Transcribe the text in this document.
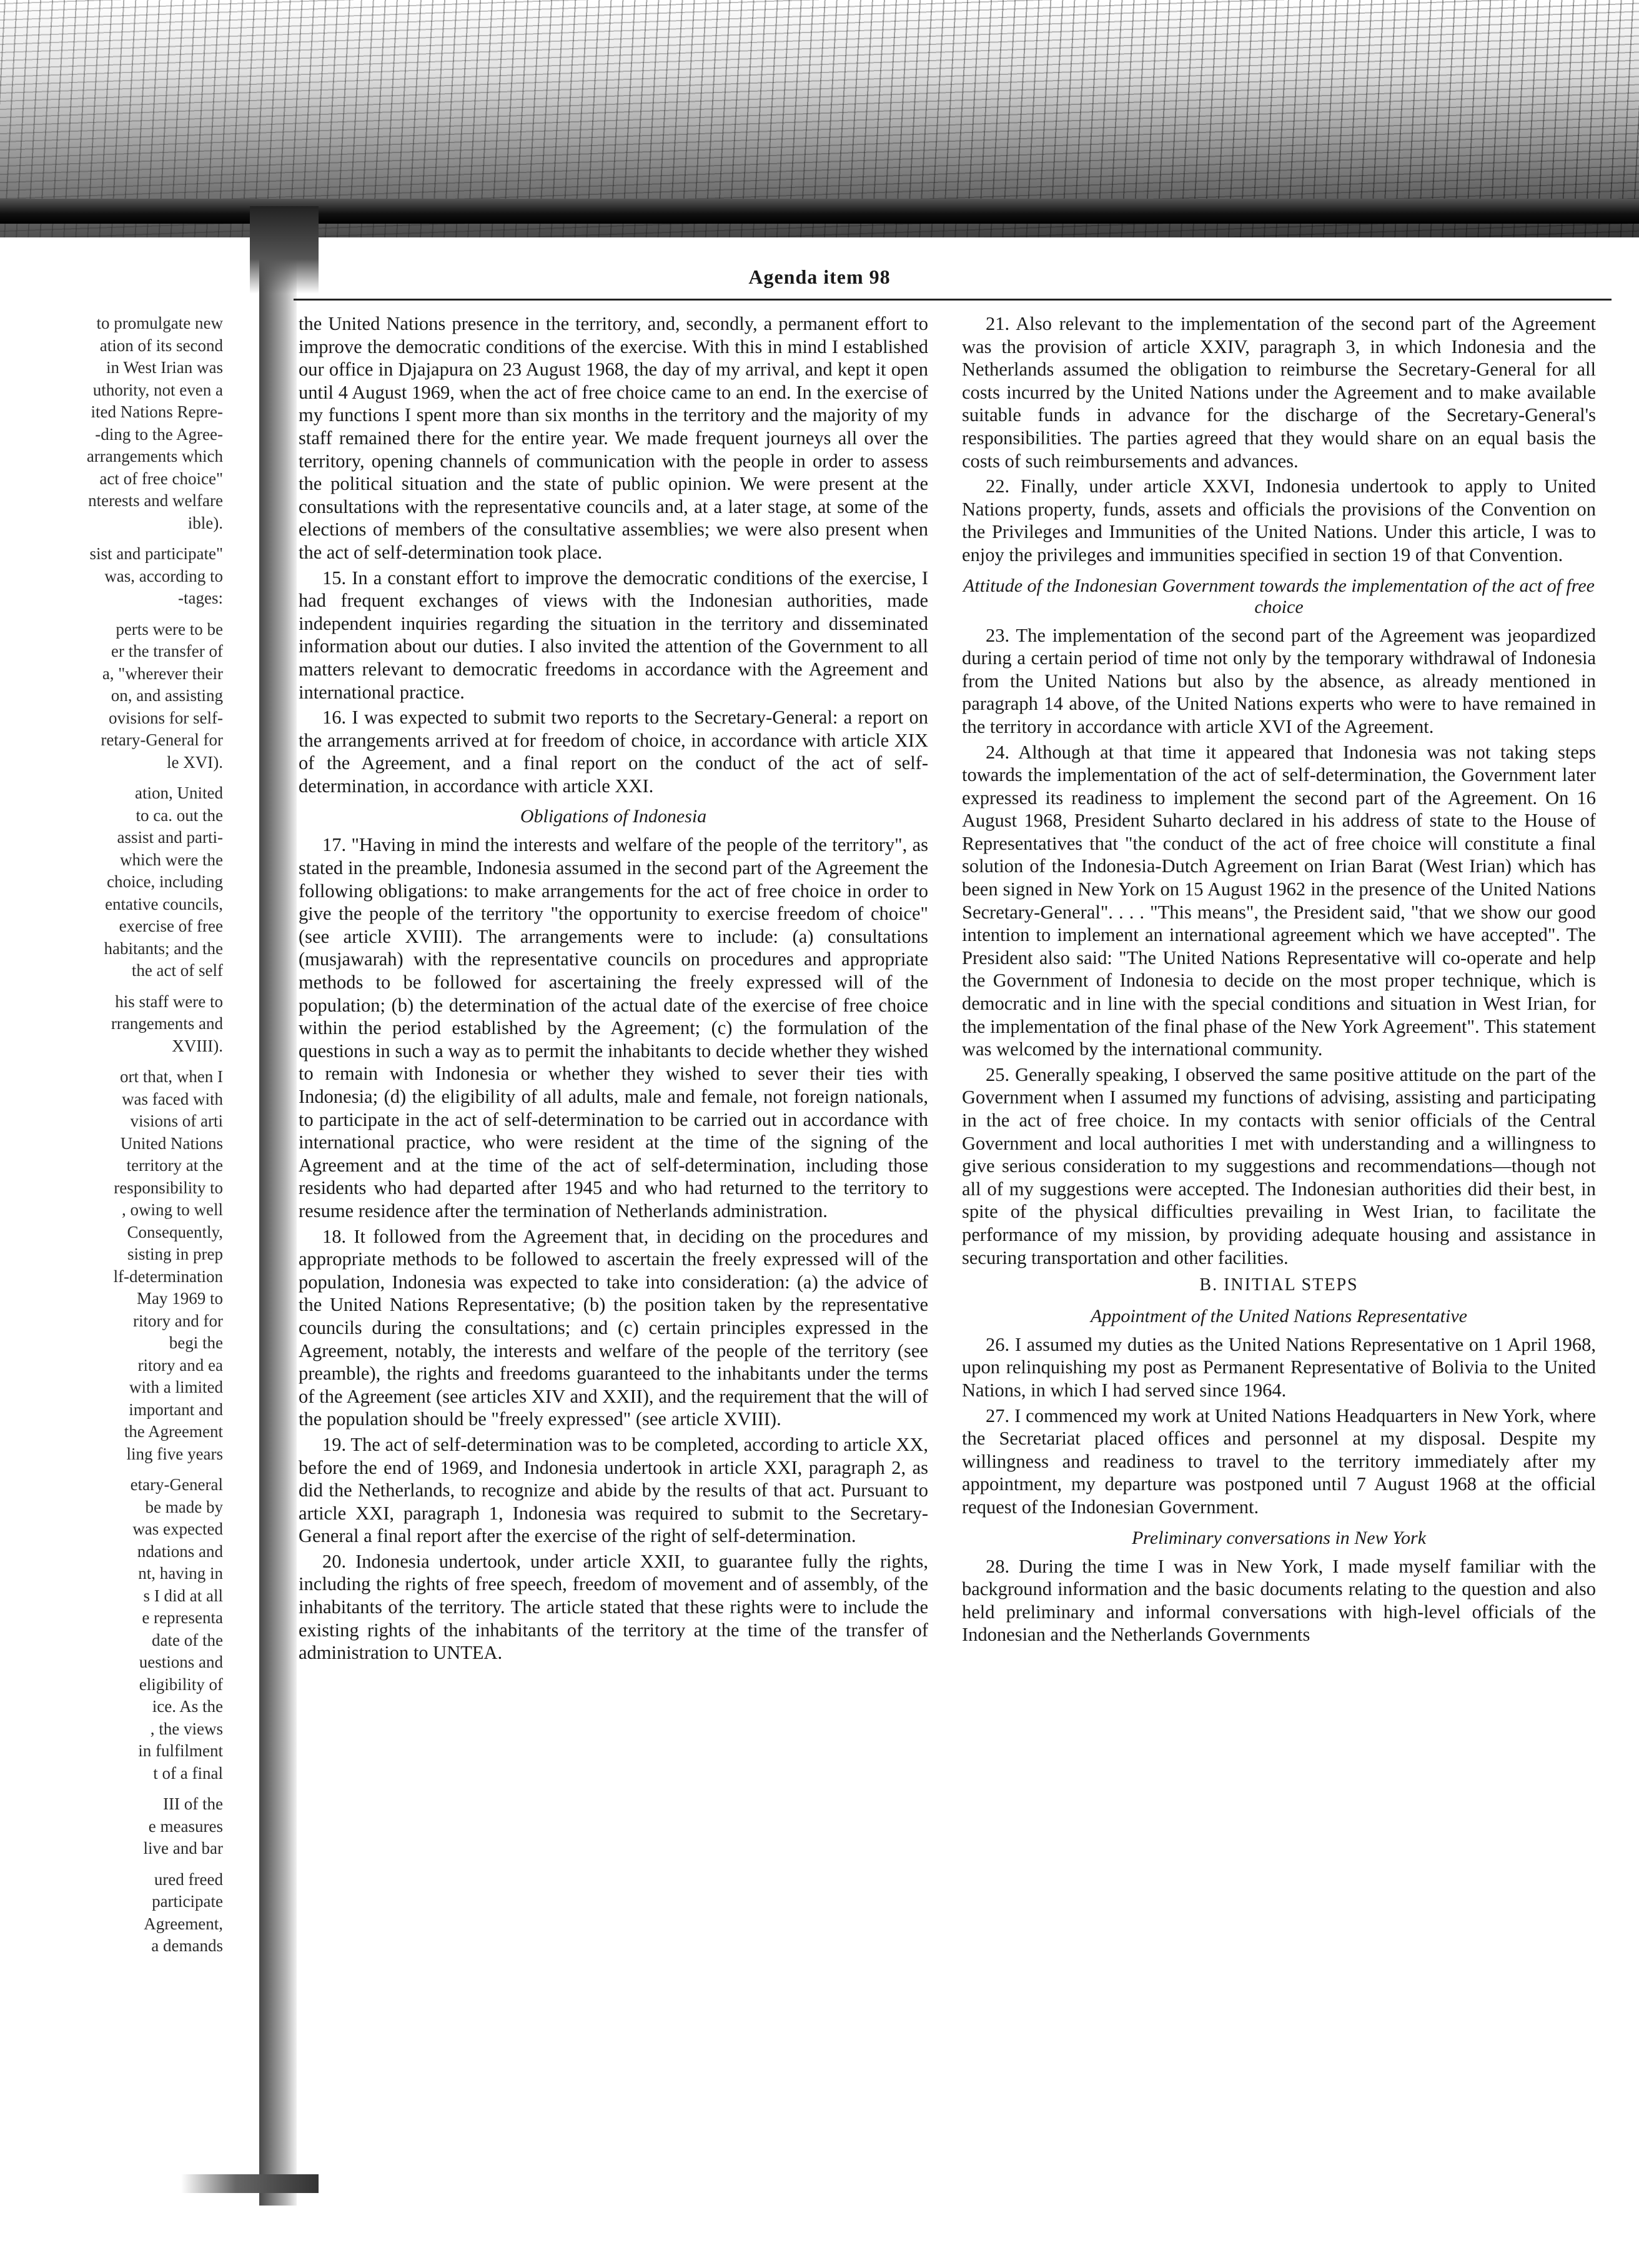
Agenda item 98
to promulgate new
ation of its second
in West Irian was
uthority, not even a
ited Nations Repre-
-ding to the Agree-
arrangements which
act of free choice"
nterests and welfare
ible).
sist and participate"
was, according to
-tages:
perts were to be
er the transfer of
a, "wherever their
on, and assisting
ovisions for self-
retary-General for
le XVI).
ation, United
to ca. out the
assist and parti-
which were the
choice, including
entative councils,
exercise of free
habitants; and the
the act of self
his staff were to
rrangements and
XVIII).
ort that, when I
was faced with
visions of arti
United Nations
territory at the
responsibility to
, owing to well
Consequently,
sisting in prep
lf-determination
May 1969 to
ritory and for
begi the
ritory and ea
with a limited
important and
the Agreement
ling five years
etary-General
be made by
was expected
ndations and
nt, having in
s I did at all
e representa
date of the
uestions and
eligibility of
ice. As the
, the views
in fulfilment
t of a final
III of the
e measures
live and bar
ured freed
participate
Agreement,
a demands

the United Nations presence in the territory, and, secondly, a permanent effort to improve the democratic conditions of the exercise. With this in mind I established our office in Djajapura on 23 August 1968, the day of my arrival, and kept it open until 4 August 1969, when the act of free choice came to an end. In the exercise of my functions I spent more than six months in the territory and the majority of my staff remained there for the entire year. We made frequent journeys all over the territory, opening channels of communication with the people in order to assess the political situation and the state of public opinion. We were present at the consultations with the representative councils and, at a later stage, at some of the elections of members of the consultative assemblies; we were also present when the act of self-determination took place.

15. In a constant effort to improve the democratic conditions of the exercise, I had frequent exchanges of views with the Indonesian authorities, made independent inquiries regarding the situation in the territory and disseminated information about our duties. I also invited the attention of the Government to all matters relevant to democratic freedoms in accordance with the Agreement and international practice.

16. I was expected to submit two reports to the Secretary-General: a report on the arrangements arrived at for freedom of choice, in accordance with article XIX of the Agreement, and a final report on the conduct of the act of self-determination, in accordance with article XXI.

Obligations of Indonesia

17. "Having in mind the interests and welfare of the people of the territory", as stated in the preamble, Indonesia assumed in the second part of the Agreement the following obligations: to make arrangements for the act of free choice in order to give the people of the territory "the opportunity to exercise freedom of choice" (see article XVIII). The arrangements were to include: (a) consultations (musjawarah) with the representative councils on procedures and appropriate methods to be followed for ascertaining the freely expressed will of the population; (b) the determination of the actual date of the exercise of free choice within the period established by the Agreement; (c) the formulation of the questions in such a way as to permit the inhabitants to decide whether they wished to remain with Indonesia or whether they wished to sever their ties with Indonesia; (d) the eligibility of all adults, male and female, not foreign nationals, to participate in the act of self-determination to be carried out in accordance with international practice, who were resident at the time of the signing of the Agreement and at the time of the act of self-determination, including those residents who had departed after 1945 and who had returned to the territory to resume residence after the termination of Netherlands administration.

18. It followed from the Agreement that, in deciding on the procedures and appropriate methods to be followed to ascertain the freely expressed will of the population, Indonesia was expected to take into consideration: (a) the advice of the United Nations Representative; (b) the position taken by the representative councils during the consultations; and (c) certain principles expressed in the Agreement, notably, the interests and welfare of the people of the territory (see preamble), the rights and freedoms guaranteed to the inhabitants under the terms of the Agreement (see articles XIV and XXII), and the requirement that the will of the population should be "freely expressed" (see article XVIII).

19. The act of self-determination was to be completed, according to article XX, before the end of 1969, and Indonesia undertook in article XXI, paragraph 2, as did the Netherlands, to recognize and abide by the results of that act. Pursuant to article XXI, paragraph 1, Indonesia was required to submit to the Secretary-General a final report after the exercise of the right of self-determination.

20. Indonesia undertook, under article XXII, to guarantee fully the rights, including the rights of free speech, freedom of movement and of assembly, of the inhabitants of the territory. The article stated that these rights were to include the existing rights of the inhabitants of the territory at the time of the transfer of administration to UNTEA.

21. Also relevant to the implementation of the second part of the Agreement was the provision of article XXIV, paragraph 3, in which Indonesia and the Netherlands assumed the obligation to reimburse the Secretary-General for all costs incurred by the United Nations under the Agreement and to make available suitable funds in advance for the discharge of the Secretary-General's responsibilities. The parties agreed that they would share on an equal basis the costs of such reimbursements and advances.

22. Finally, under article XXVI, Indonesia undertook to apply to United Nations property, funds, assets and officials the provisions of the Convention on the Privileges and Immunities of the United Nations. Under this article, I was to enjoy the privileges and immunities specified in section 19 of that Convention.

Attitude of the Indonesian Government towards the implementation of the act of free choice

23. The implementation of the second part of the Agreement was jeopardized during a certain period of time not only by the temporary withdrawal of Indonesia from the United Nations but also by the absence, as already mentioned in paragraph 14 above, of the United Nations experts who were to have remained in the territory in accordance with article XVI of the Agreement.

24. Although at that time it appeared that Indonesia was not taking steps towards the implementation of the act of self-determination, the Government later expressed its readiness to implement the second part of the Agreement. On 16 August 1968, President Suharto declared in his address of state to the House of Representatives that "the conduct of the act of free choice will constitute a final solution of the Indonesia-Dutch Agreement on Irian Barat (West Irian) which has been signed in New York on 15 August 1962 in the presence of the United Nations Secretary-General". . . . "This means", the President said, "that we show our good intention to implement an international agreement which we have accepted". The President also said: "The United Nations Representative will co-operate and help the Government of Indonesia to decide on the most proper technique, which is democratic and in line with the special conditions and situation in West Irian, for the implementation of the final phase of the New York Agreement". This statement was welcomed by the international community.

25. Generally speaking, I observed the same positive attitude on the part of the Government when I assumed my functions of advising, assisting and participating in the act of free choice. In my contacts with senior officials of the Central Government and local authorities I met with understanding and a willingness to give serious consideration to my suggestions and recommendations—though not all of my suggestions were accepted. The Indonesian authorities did their best, in spite of the physical difficulties prevailing in West Irian, to facilitate the performance of my mission, by providing adequate housing and assistance in securing transportation and other facilities.

B. INITIAL STEPS
Appointment of the United Nations Representative

26. I assumed my duties as the United Nations Representative on 1 April 1968, upon relinquishing my post as Permanent Representative of Bolivia to the United Nations, in which I had served since 1964.

27. I commenced my work at United Nations Headquarters in New York, where the Secretariat placed offices and personnel at my disposal. Despite my willingness and readiness to travel to the territory immediately after my appointment, my departure was postponed until 7 August 1968 at the official request of the Indonesian Government.

Preliminary conversations in New York

28. During the time I was in New York, I made myself familiar with the background information and the basic documents relating to the question and also held preliminary and informal conversations with high-level officials of the Indonesian and the Netherlands Governments
